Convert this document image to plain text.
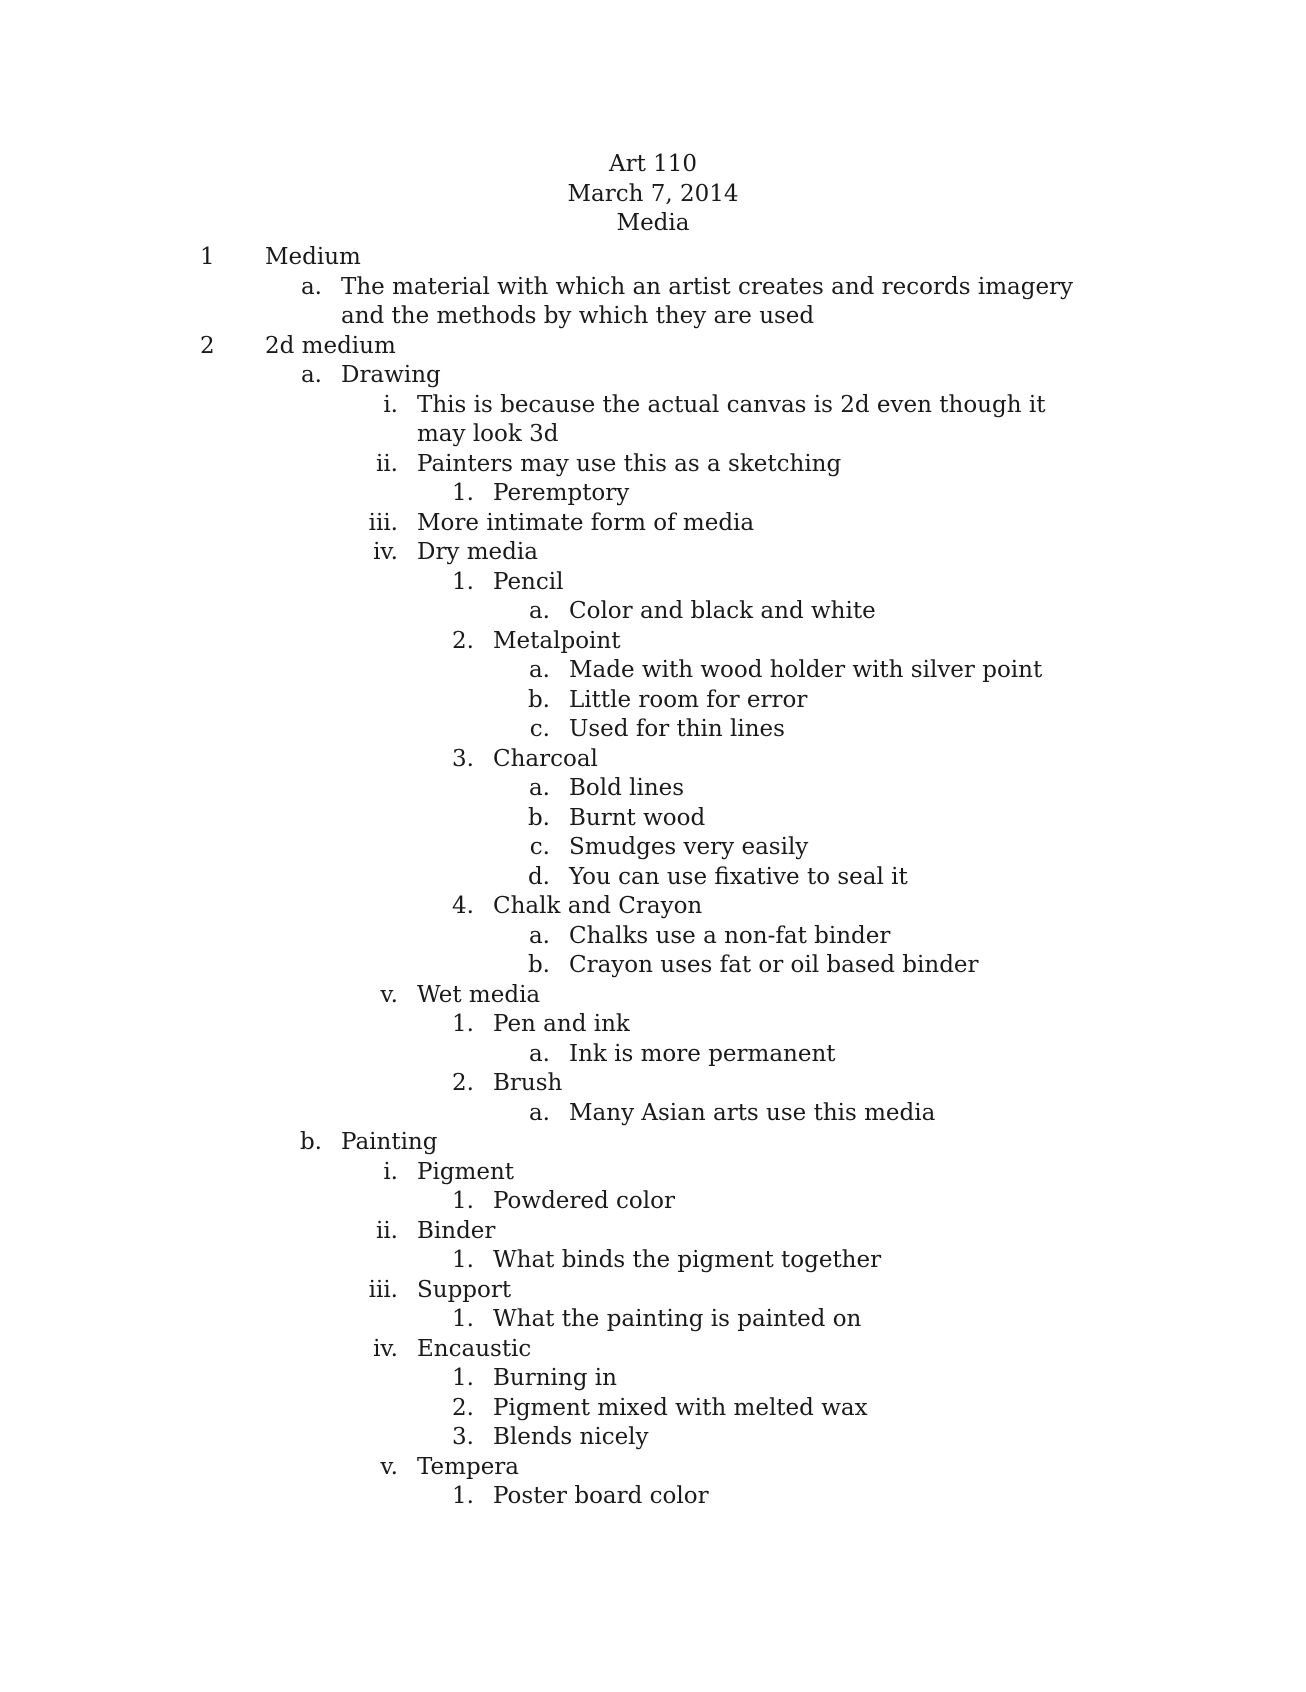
Art 110
March 7, 2014
Media
1	Medium
a. The material with which an artist creates and records imagery and the methods by which they are used
2	2d medium
a. Drawing
i. This is because the actual canvas is 2d even though it may look 3d
ii. Painters may use this as a sketching
1. Peremptory
iii. More intimate form of media
iv. Dry media
1. Pencil
a. Color and black and white
2. Metalpoint
a. Made with wood holder with silver point
b. Little room for error
c. Used for thin lines
3. Charcoal
a. Bold lines
b. Burnt wood
c. Smudges very easily
d. You can use fixative to seal it
4. Chalk and Crayon
a. Chalks use a non-fat binder
b. Crayon uses fat or oil based binder
v. Wet media
1. Pen and ink
a. Ink is more permanent
2. Brush
a. Many Asian arts use this media
b. Painting
i. Pigment
1. Powdered color
ii. Binder
1. What binds the pigment together
iii. Support
1. What the painting is painted on
iv. Encaustic
1. Burning in
2. Pigment mixed with melted wax
3. Blends nicely
v. Tempera
1. Poster board color
